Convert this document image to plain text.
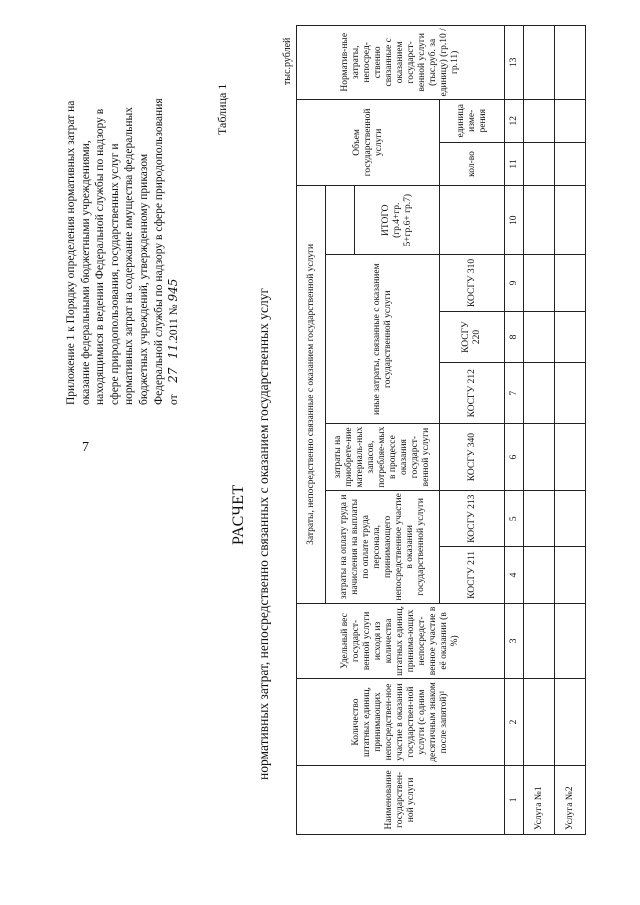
7
Приложение 1 к Порядку определения нормативных затрат на оказание федеральными бюджетными учреждениями, находящимися в ведении Федеральной службы по надзору в сфере природопользования, государственных услуг и нормативных затрат на содержание имущества федеральных бюджетных учреждений, утвержденному приказом Федеральной службы по надзору в сфере природопользования от    27   11.2011 № 945
Таблица 1
РАСЧЕТ нормативных затрат, непосредственно связанных с оказанием государственных услуг
тыс.рублей
Наименование государствен-ной услуги	Количество штатных единиц, принимающих непосредствен-ное участие в оказании государствен-ной услуги (с одним десятичным знаком после запятой)¹	Удельный вес государст-венной услуги исходя из количества штатных единиц, принима-ющих непосредст-венное участие в её оказании (в %)	Затраты, непосредственно связанные с оказанием государственной услуги							Объем государственной услуги		Норматив-ные затраты, непосред-ственно связанные с оказанием государст-венной услуги (тыс.руб. за единицу) (гр.10 / гр.11)
			затраты на оплату труда и начисления на выплаты по оплате труда персонала, принимающего непосредственное участие в оказании государственной услуги		затраты на приобрете-ние материаль-ных запасов, потребляе-мых в процессе оказания государст-венной услуги	иные затраты, связанные с оказанием государственной услуги						
									ИТОГО (гр.4+гр. 5+гр.6+ гр.7)			
			КОСГУ 211	КОСГУ 213	КОСГУ 340	КОСГУ 212	КОСГУ 220	КОСГУ 310		кол-во	единица изме-рения	
1	2	3	4	5	6	7	8	9	10	11	12	13
Услуга №1												
Услуга №2												
